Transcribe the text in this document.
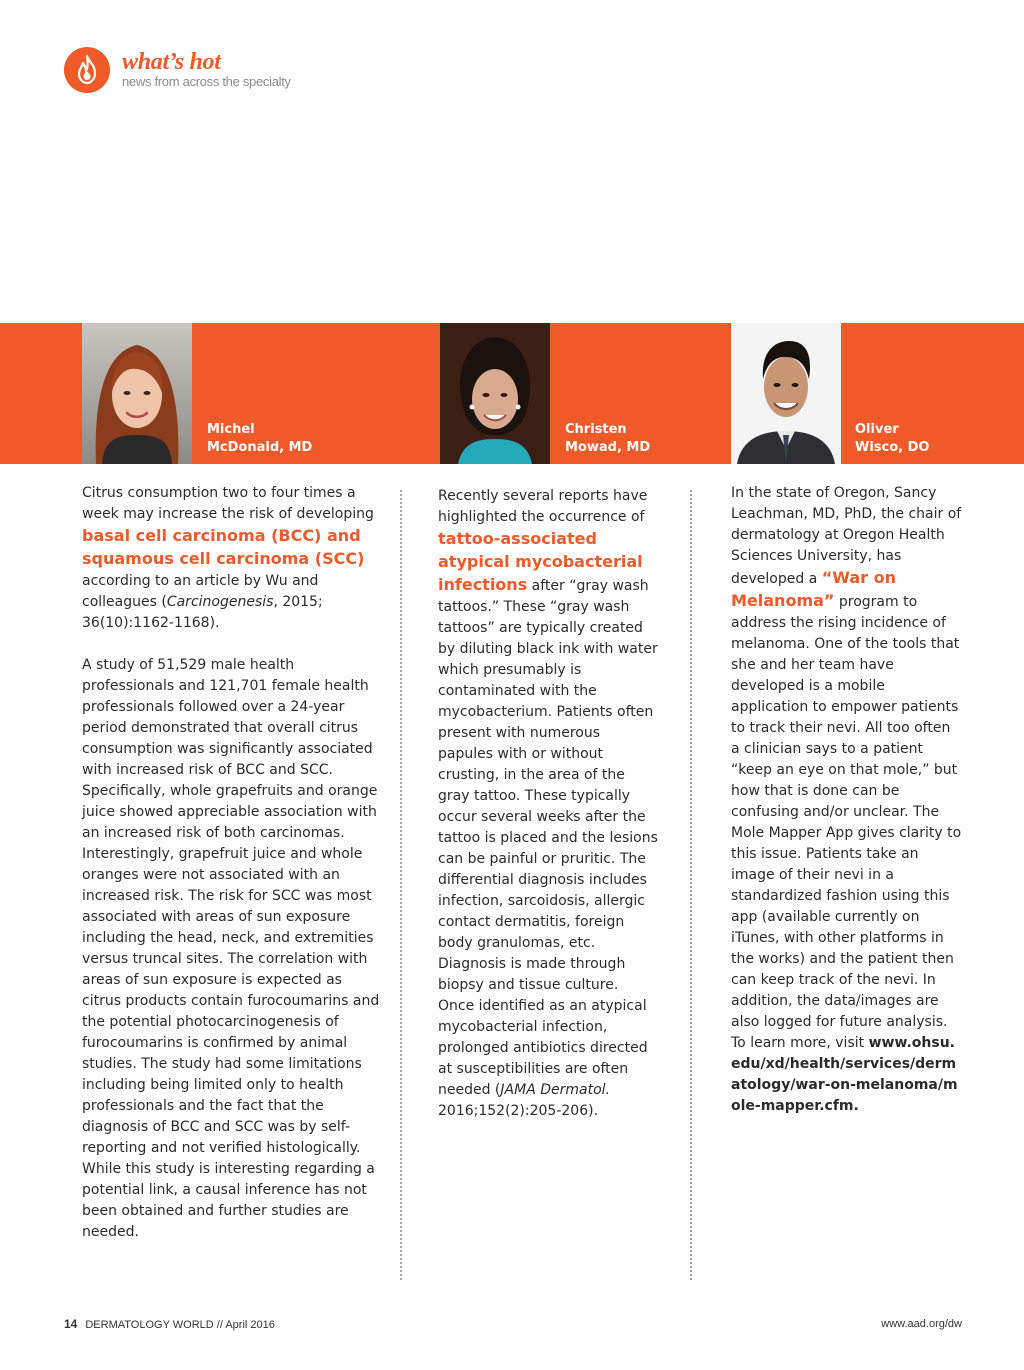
what’s hot
news from across the specialty
Michel
McDonald, MD
Christen
Mowad, MD
Oliver
Wisco, DO

Citrus consumption two to four times a week may increase the risk of developing basal cell carcinoma (BCC) and squamous cell carcinoma (SCC) according to an article by Wu and colleagues (Carcinogenesis, 2015; 36(10):1162-1168).

A study of 51,529 male health professionals and 121,701 female health professionals followed over a 24-year period demonstrated that overall citrus consumption was significantly associated with increased risk of BCC and SCC. Specifically, whole grapefruits and orange juice showed appreciable association with an increased risk of both carcinomas. Interestingly, grapefruit juice and whole oranges were not associated with an increased risk. The risk for SCC was most associated with areas of sun exposure including the head, neck, and extremities versus truncal sites. The correlation with areas of sun exposure is expected as citrus products contain furocoumarins and the potential photocarcinogenesis of furocoumarins is confirmed by animal studies. The study had some limitations including being limited only to health professionals and the fact that the diagnosis of BCC and SCC was by self-reporting and not verified histologically. While this study is interesting regarding a potential link, a causal inference has not been obtained and further studies are needed.

Recently several reports have highlighted the occurrence of tattoo-associated atypical mycobacterial infections after “gray wash tattoos.” These “gray wash tattoos” are typically created by diluting black ink with water which presumably is contaminated with the mycobacterium. Patients often present with numerous papules with or without crusting, in the area of the gray tattoo. These typically occur several weeks after the tattoo is placed and the lesions can be painful or pruritic. The differential diagnosis includes infection, sarcoidosis, allergic contact dermatitis, foreign body granulomas, etc. Diagnosis is made through biopsy and tissue culture. Once identified as an atypical mycobacterial infection, prolonged antibiotics directed at susceptibilities are often needed (JAMA Dermatol. 2016;152(2):205-206).

In the state of Oregon, Sancy Leachman, MD, PhD, the chair of dermatology at Oregon Health Sciences University, has developed a “War on Melanoma” program to address the rising incidence of melanoma. One of the tools that she and her team have developed is a mobile application to empower patients to track their nevi. All too often a clinician says to a patient “keep an eye on that mole,” but how that is done can be confusing and/or unclear. The Mole Mapper App gives clarity to this issue. Patients take an image of their nevi in a standardized fashion using this app (available currently on iTunes, with other platforms in the works) and the patient then can keep track of the nevi. In addition, the data/images are also logged for future analysis. To learn more, visit www.ohsu.edu/xd/health/services/dermatology/war-on-melanoma/mole-mapper.cfm.

14 DERMATOLOGY WORLD // April 2016	www.aad.org/dw
